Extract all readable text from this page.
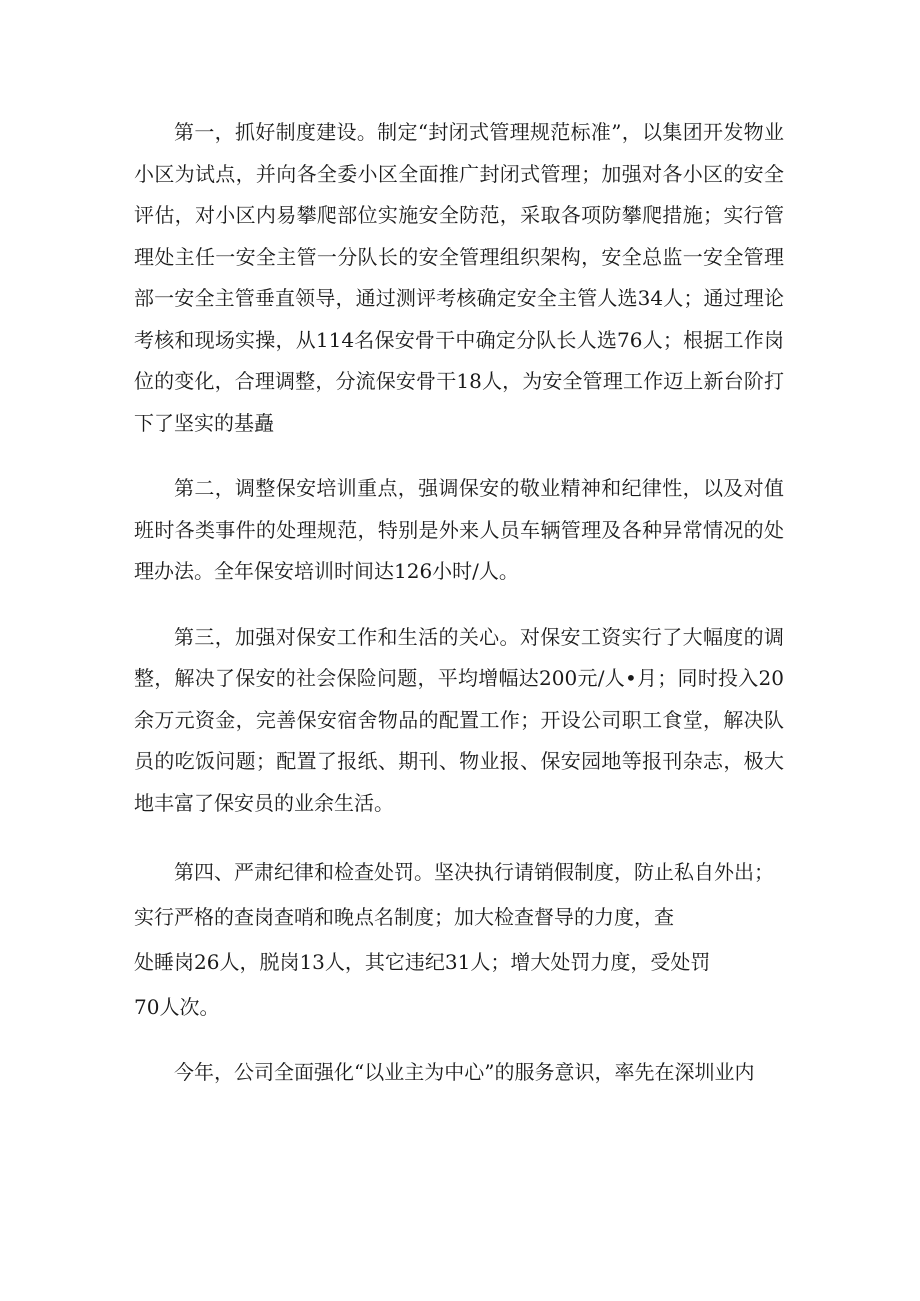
第一，抓好制度建设。制定“封闭式管理规范标准”，以集团开发物业小区为试点，并向各全委小区全面推广封闭式管理；加强对各小区的安全评估，对小区内易攀爬部位实施安全防范，采取各项防攀爬措施；实行管理处主任一安全主管一分队长的安全管理组织架构，安全总监一安全管理部一安全主管垂直领导，通过测评考核确定安全主管人选34人；通过理论考核和现场实操，从114名保安骨干中确定分队长人选76人；根据工作岗位的变化，合理调整，分流保安骨干18人，为安全管理工作迈上新台阶打下了坚实的基矗

第二，调整保安培训重点，强调保安的敬业精神和纪律性，以及对值班时各类事件的处理规范，特别是外来人员车辆管理及各种异常情况的处理办法。全年保安培训时间达126小时/人。

第三，加强对保安工作和生活的关心。对保安工资实行了大幅度的调整，解决了保安的社会保险问题，平均增幅达200元/人•月；同时投入20余万元资金，完善保安宿舍物品的配置工作；开设公司职工食堂，解决队员的吃饭问题；配置了报纸、期刊、物业报、保安园地等报刊杂志，极大地丰富了保安员的业余生活。

第四、严肃纪律和检查处罚。坚决执行请销假制度，防止私自外出；
实行严格的查岗查哨和晚点名制度；加大检查督导的力度，查
处睡岗26人，脱岗13人，其它违纪31人；增大处罚力度，受处罚
70人次。

今年，公司全面强化“以业主为中心”的服务意识，率先在深圳业内
